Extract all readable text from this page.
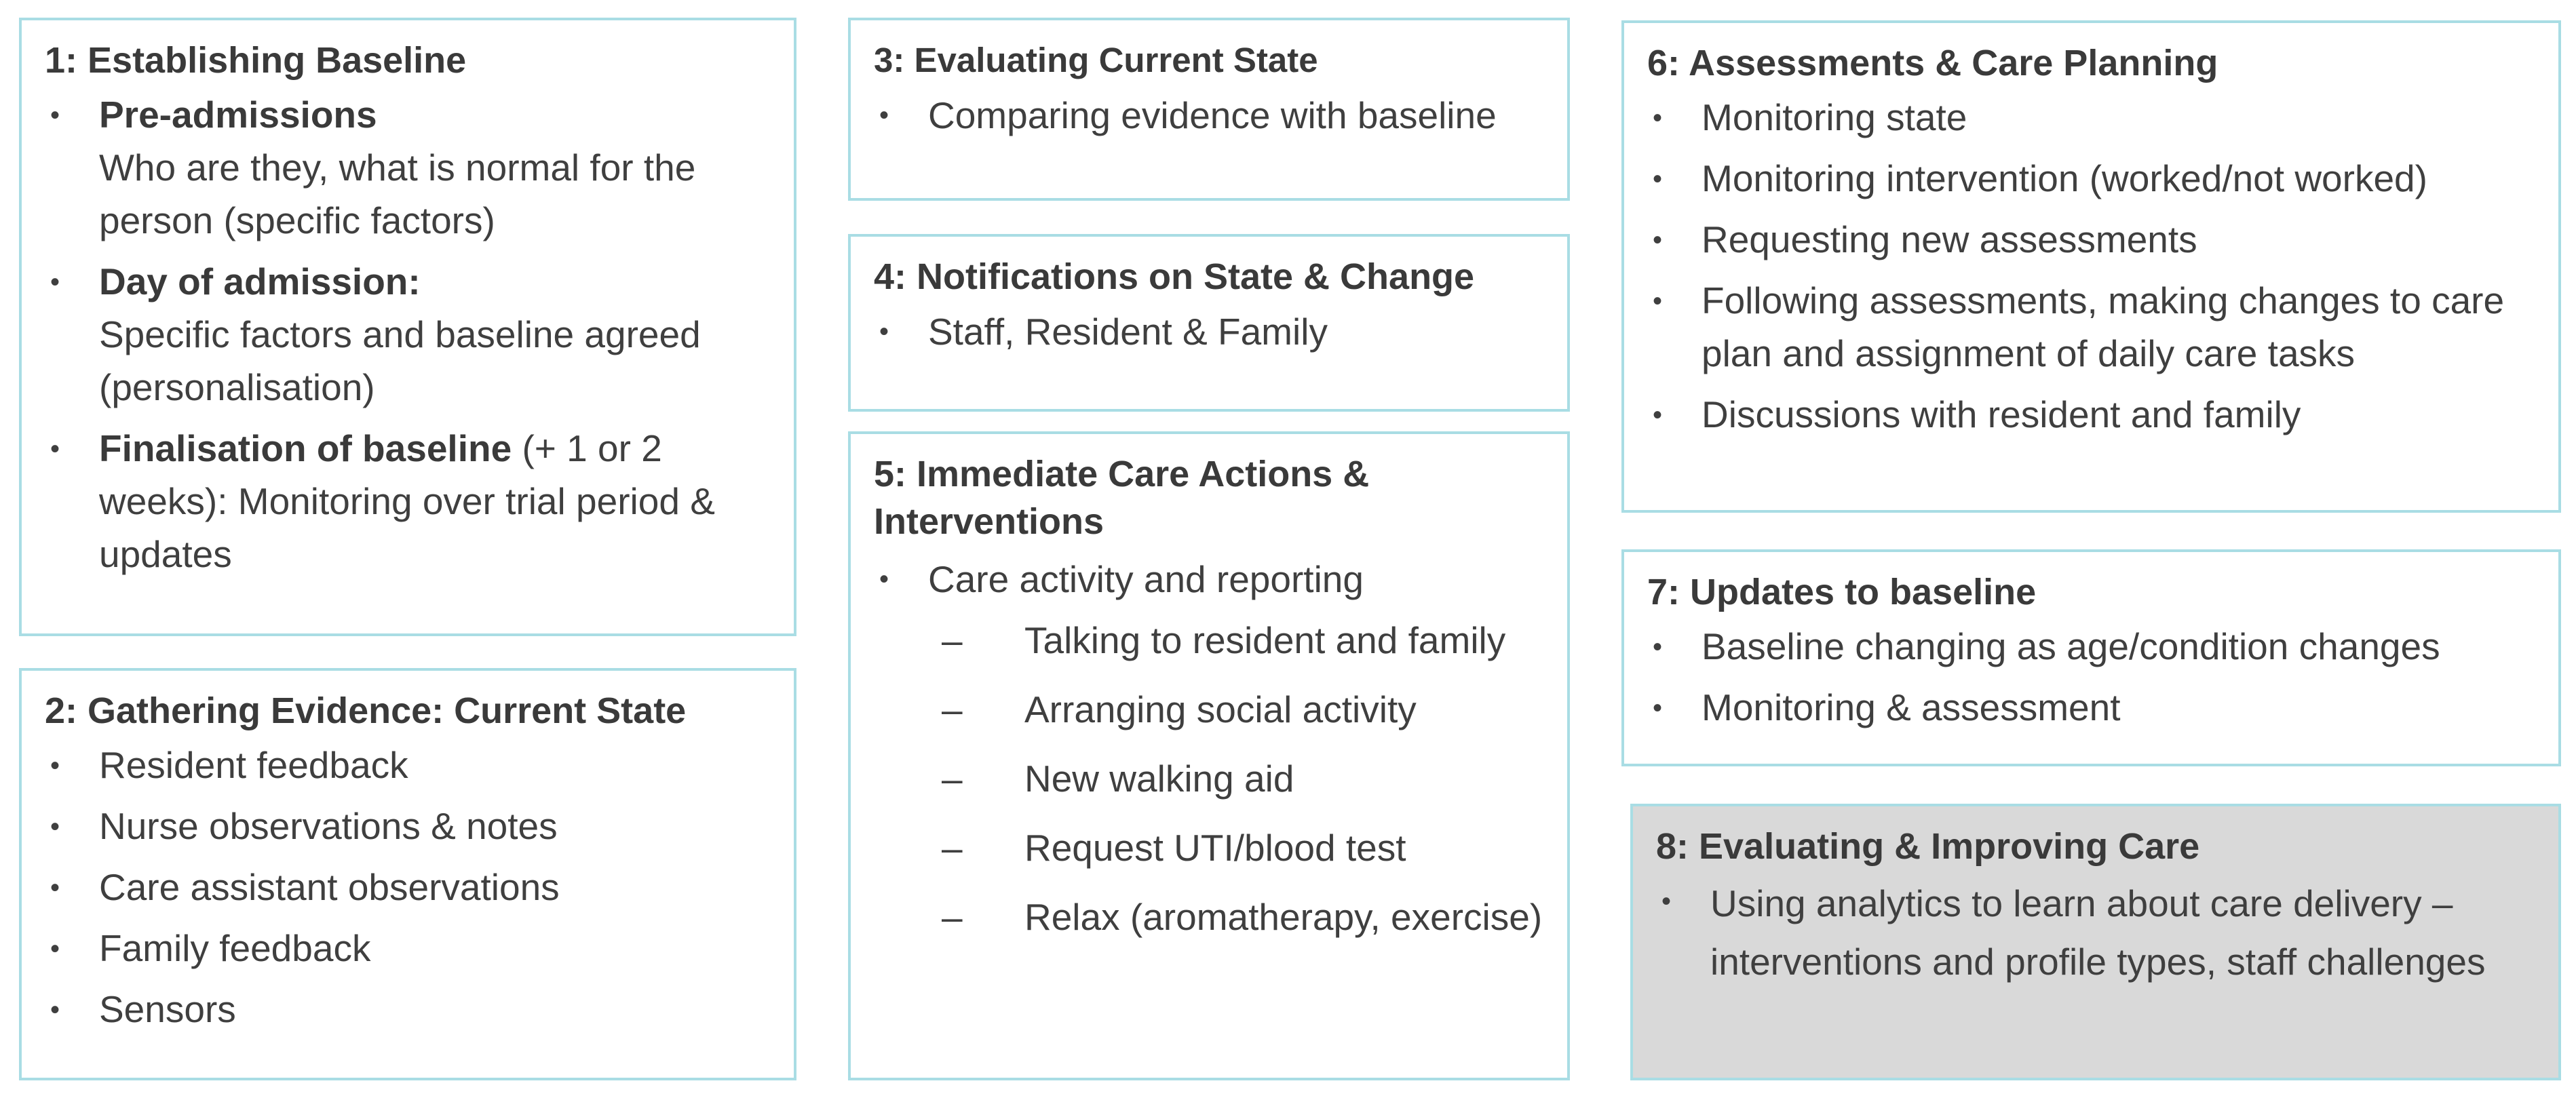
1: Establishing Baseline
• Pre-admissions
Who are they, what is normal for the person (specific factors)
• Day of admission:
Specific factors and baseline agreed (personalisation)
• Finalisation of baseline (+ 1 or 2 weeks): Monitoring over trial period & updates
2: Gathering Evidence: Current State
• Resident feedback
• Nurse observations & notes
• Care assistant observations
• Family feedback
• Sensors
3: Evaluating Current State
• Comparing evidence with baseline
4: Notifications on State & Change
• Staff, Resident & Family
5: Immediate Care Actions & Interventions
• Care activity and reporting
– Talking to resident and family
– Arranging social activity
– New walking aid
– Request UTI/blood test
– Relax (aromatherapy, exercise)
6: Assessments & Care Planning
• Monitoring state
• Monitoring intervention (worked/not worked)
• Requesting new assessments
• Following assessments, making changes to care plan and assignment of daily care tasks
• Discussions with resident and family
7: Updates to baseline
• Baseline changing as age/condition changes
• Monitoring & assessment
8: Evaluating & Improving Care
• Using analytics to learn about care delivery – interventions and profile types, staff challenges
